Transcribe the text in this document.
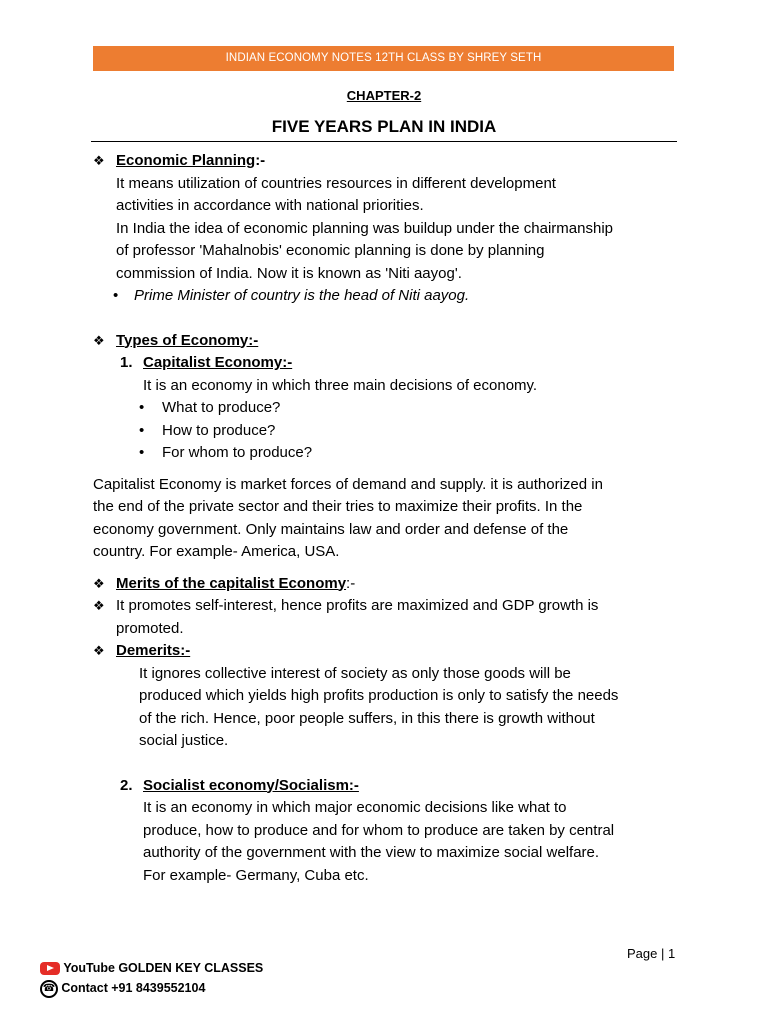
INDIAN ECONOMY NOTES 12TH CLASS BY SHREY SETH
CHAPTER-2
FIVE YEARS PLAN IN INDIA
❖ Economic Planning:-
It means utilization of countries resources in different development
activities in accordance with national priorities.
In India the idea of economic planning was buildup under the chairmanship
of professor 'Mahalnobis' economic planning is done by planning
commission of India. Now it is known as 'Niti aayog'.
• Prime Minister of country is the head of Niti aayog.
❖ Types of Economy:-
1. Capitalist Economy:-
It is an economy in which three main decisions of economy.
• What to produce?
• How to produce?
• For whom to produce?
Capitalist Economy is market forces of demand and supply. it is authorized in
the end of the private sector and their tries to maximize their profits. In the
economy government. Only maintains law and order and defense of the
country. For example- America, USA.
❖ Merits of the capitalist Economy:-
❖ It promotes self-interest, hence profits are maximized and GDP growth is
promoted.
❖ Demerits:-
It ignores collective interest of society as only those goods will be
produced which yields high profits production is only to satisfy the needs
of the rich. Hence, poor people suffers, in this there is growth without
social justice.
2. Socialist economy/Socialism:-
It is an economy in which major economic decisions like what to
produce, how to produce and for whom to produce are taken by central
authority of the government with the view to maximize social welfare.
For example- Germany, Cuba etc.
Page | 1
YouTube GOLDEN KEY CLASSES
☎ Contact +91 8439552104
